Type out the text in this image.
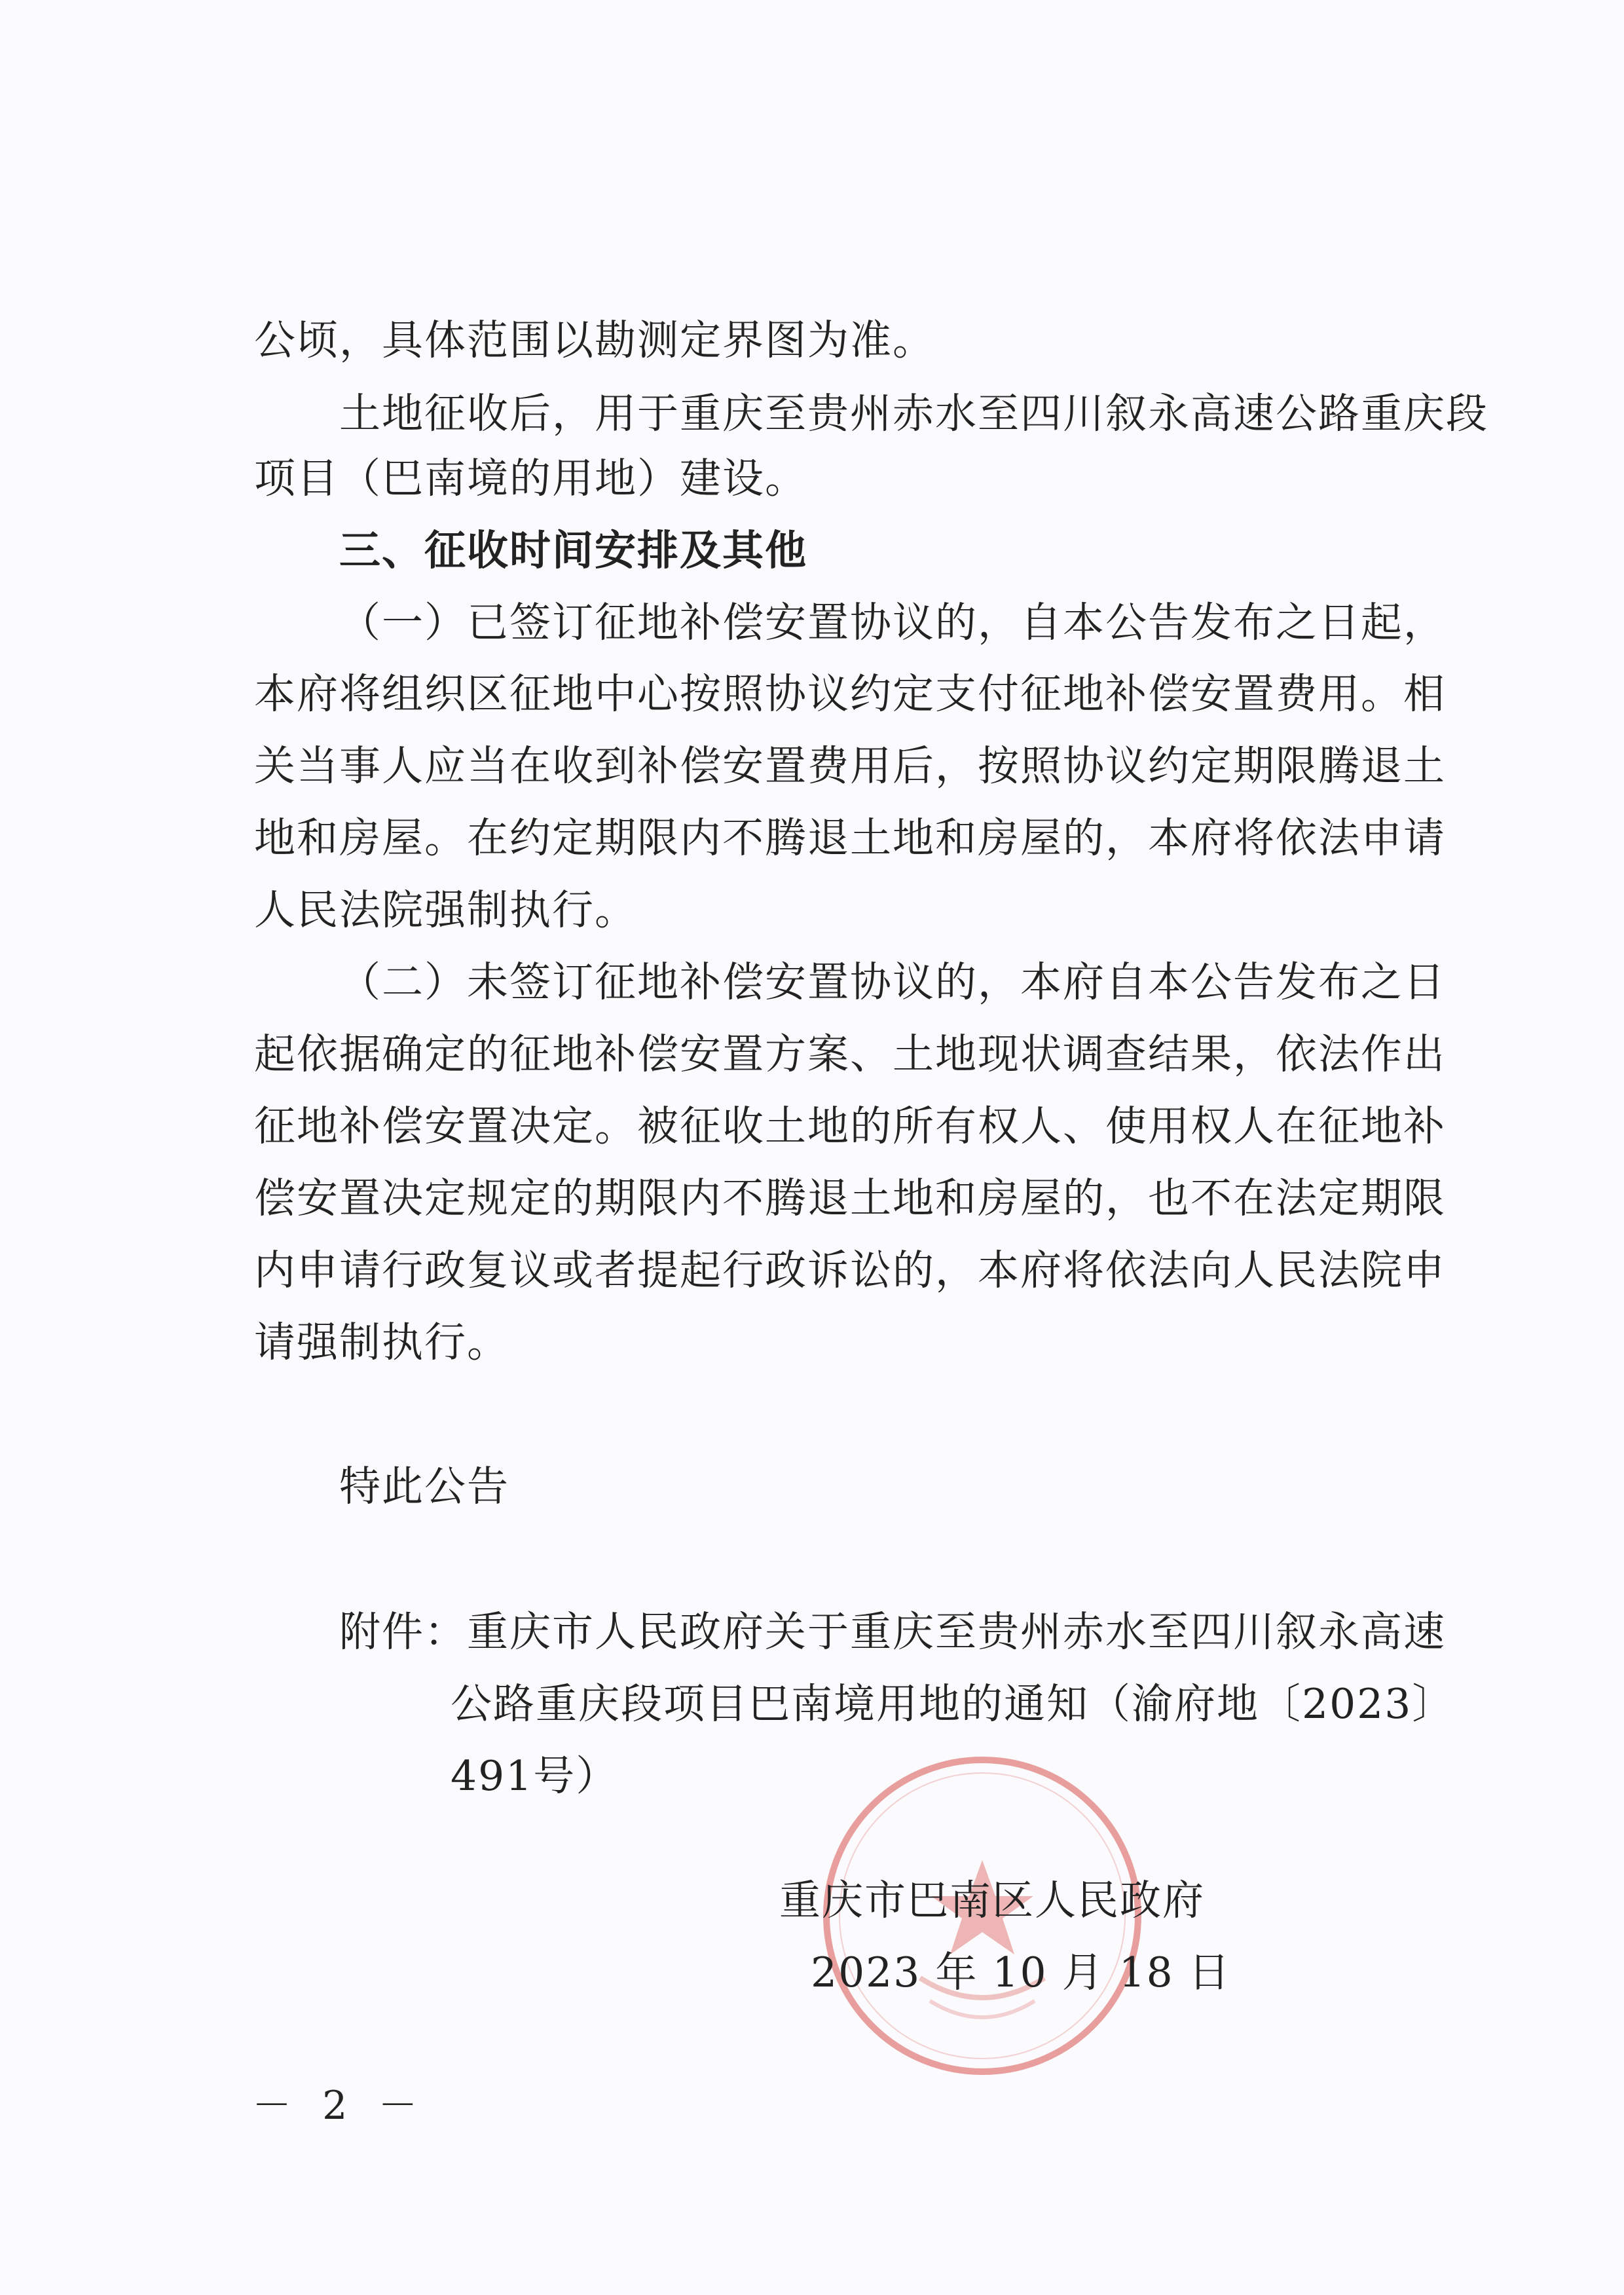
公顷，具体范围以勘测定界图为准。
土地征收后，用于重庆至贵州赤水至四川叙永高速公路重庆段
项目（巴南境的用地）建设。
三、征收时间安排及其他
（一）已签订征地补偿安置协议的，自本公告发布之日起，
本府将组织区征地中心按照协议约定支付征地补偿安置费用。相
关当事人应当在收到补偿安置费用后，按照协议约定期限腾退土
地和房屋。在约定期限内不腾退土地和房屋的，本府将依法申请
人民法院强制执行。
（二）未签订征地补偿安置协议的，本府自本公告发布之日
起依据确定的征地补偿安置方案、土地现状调查结果，依法作出
征地补偿安置决定。被征收土地的所有权人、使用权人在征地补
偿安置决定规定的期限内不腾退土地和房屋的，也不在法定期限
内申请行政复议或者提起行政诉讼的，本府将依法向人民法院申
请强制执行。
特此公告
附件：重庆市人民政府关于重庆至贵州赤水至四川叙永高速
公路重庆段项目巴南境用地的通知（渝府地〔2023〕
491号）
重庆市巴南区人民政府
2023 年 10 月 18 日
－ 2 －
